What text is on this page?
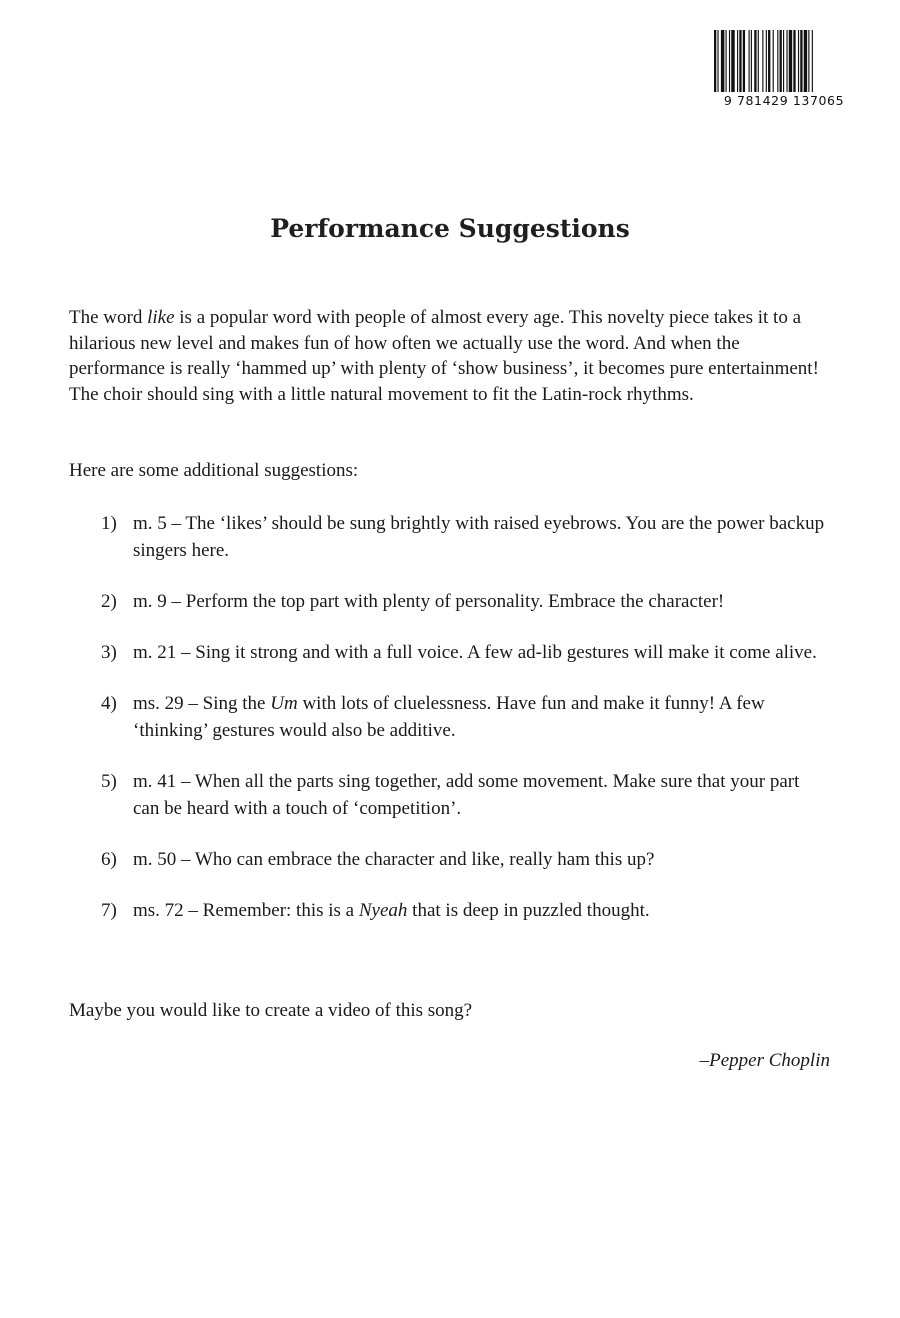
9 781429 137065
Performance Suggestions

The word like is a popular word with people of almost every age. This novelty piece takes it to a hilarious new level and makes fun of how often we actually use the word. And when the performance is really ‘hammed up’ with plenty of ‘show business’, it becomes pure entertainment! The choir should sing with a little natural movement to fit the Latin-rock rhythms.

Here are some additional suggestions:

1) m. 5 – The ‘likes’ should be sung brightly with raised eyebrows. You are the power backup singers here.
2) m. 9 – Perform the top part with plenty of personality. Embrace the character!
3) m. 21 – Sing it strong and with a full voice. A few ad-lib gestures will make it come alive.
4) ms. 29 – Sing the Um with lots of cluelessness. Have fun and make it funny! A few ‘thinking’ gestures would also be additive.
5) m. 41 – When all the parts sing together, add some movement. Make sure that your part can be heard with a touch of ‘competition’.
6) m. 50 – Who can embrace the character and like, really ham this up?
7) ms. 72 – Remember: this is a Nyeah that is deep in puzzled thought.

Maybe you would like to create a video of this song?

–Pepper Choplin
